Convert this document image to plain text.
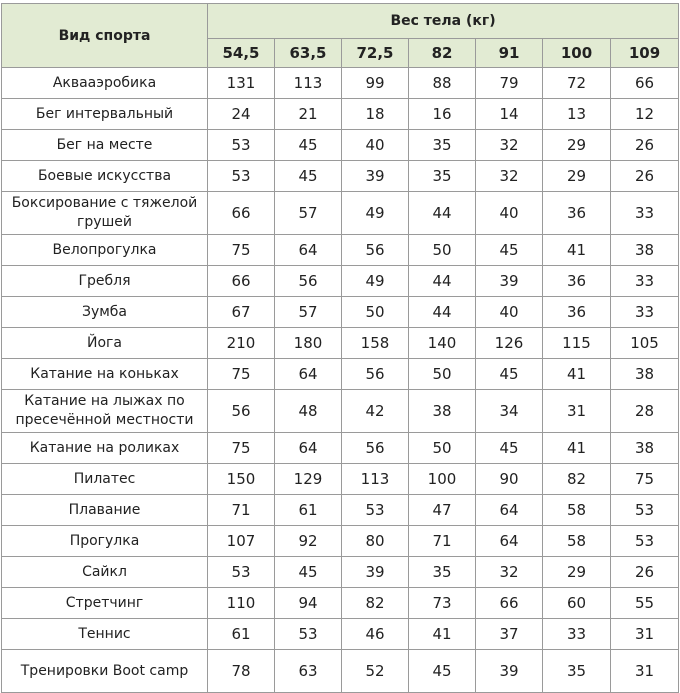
Вид спорта	Вес тела (кг)						
	54,5	63,5	72,5	82	91	100	109
Аквааэробика	131	113	99	88	79	72	66
Бег интервальный	24	21	18	16	14	13	12
Бег на месте	53	45	40	35	32	29	26
Боевые искусства	53	45	39	35	32	29	26
Боксирование с тяжелой грушей	66	57	49	44	40	36	33
Велопрогулка	75	64	56	50	45	41	38
Гребля	66	56	49	44	39	36	33
Зумба	67	57	50	44	40	36	33
Йога	210	180	158	140	126	115	105
Катание на коньках	75	64	56	50	45	41	38
Катание на лыжах по пресечённой местности	56	48	42	38	34	31	28
Катание на роликах	75	64	56	50	45	41	38
Пилатес	150	129	113	100	90	82	75
Плавание	71	61	53	47	64	58	53
Прогулка	107	92	80	71	64	58	53
Сайкл	53	45	39	35	32	29	26
Стретчинг	110	94	82	73	66	60	55
Теннис	61	53	46	41	37	33	31
Тренировки Boot camp	78	63	52	45	39	35	31
